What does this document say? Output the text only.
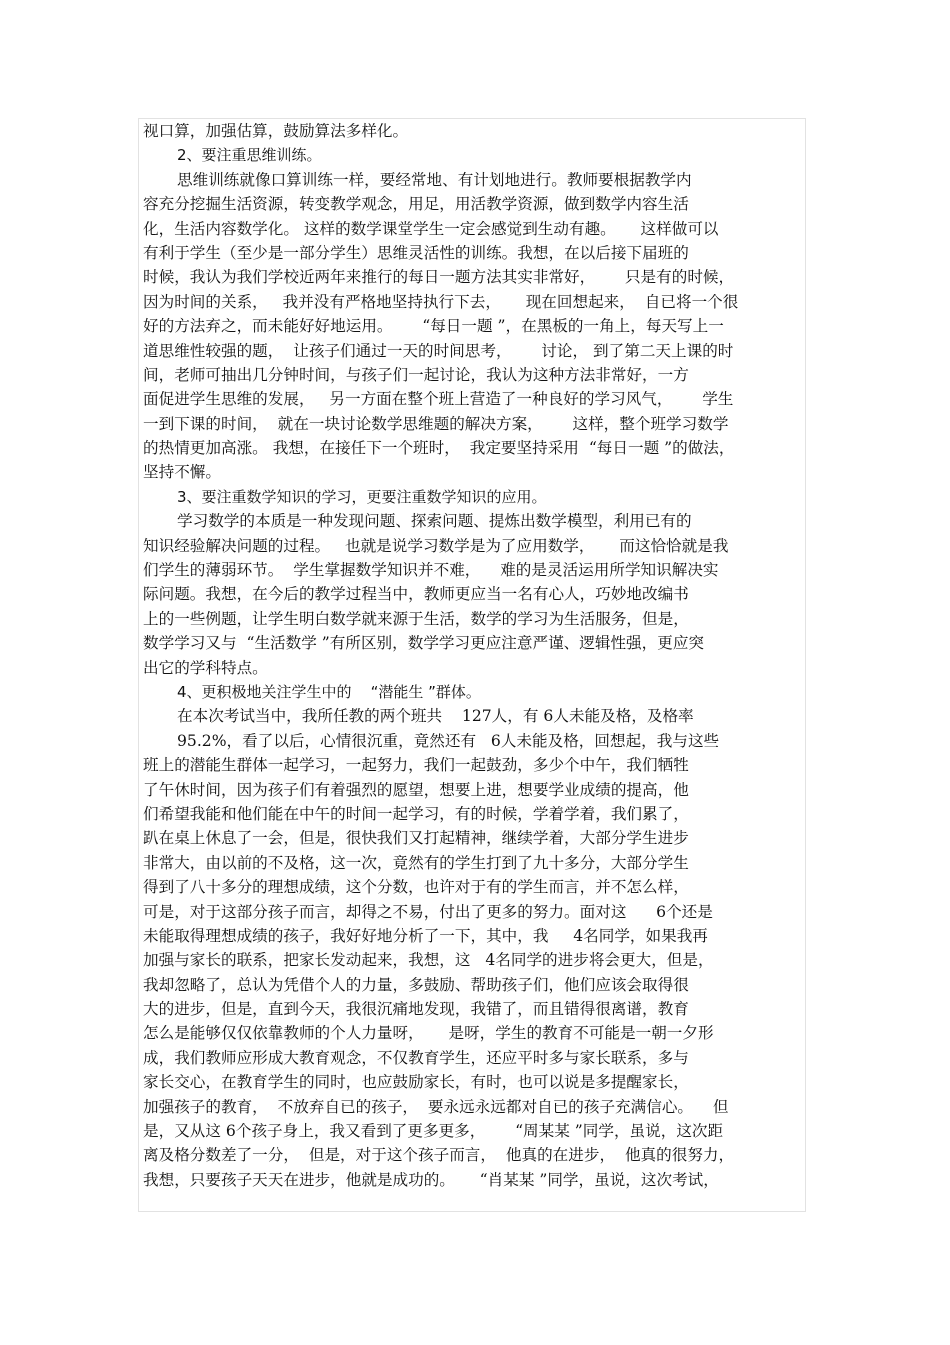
视口算，加强估算，鼓励算法多样化。
2、要注重思维训练。
思维训练就像口算训练一样，要经常地、有计划地进行。教师要根据教学内
容充分挖掘生活资源，转变教学观念，用足，用活教学资源，做到数学内容生活
化，生活内容数学化。 这样的数学课堂学生一定会感觉到生动有趣。     这样做可以
有利于学生（至少是一部分学生）思维灵活性的训练。我想，在以后接下届班的
时候，我认为我们学校近两年来推行的每日一题方法其实非常好，      只是有的时候，
因为时间的关系，   我并没有严格地坚持执行下去，     现在回想起来，  自已将一个很
好的方法弃之，而未能好好地运用。      “每日一题 ”，在黑板的一角上，每天写上一
道思维性较强的题，  让孩子们通过一天的时间思考，      讨论， 到了第二天上课的时
间，老师可抽出几分钟时间，与孩子们一起讨论，我认为这种方法非常好，一方
面促进学生思维的发展，   另一方面在整个班上营造了一种良好的学习风气，      学生
一到下课的时间，  就在一块讨论数学思维题的解决方案，      这样，整个班学习数学
的热情更加高涨。 我想，在接任下一个班时，  我定要坚持采用  “每日一题 ”的做法，
坚持不懈。
3、要注重数学知识的学习，更要注重数学知识的应用。
学习数学的本质是一种发现问题、探索问题、提炼出数学模型，利用已有的
知识经验解决问题的过程。   也就是说学习数学是为了应用数学，     而这恰恰就是我
们学生的薄弱环节。  学生掌握数学知识并不难，    难的是灵活运用所学知识解决实
际问题。我想，在今后的教学过程当中，教师更应当一名有心人，巧妙地改编书
上的一些例题，让学生明白数学就来源于生活，数学的学习为生活服务，但是，
数学学习又与  “生活数学 ”有所区别，数学学习更应注意严谨、逻辑性强，更应突
出它的学科特点。
4、更积极地关注学生中的    “潜能生 ”群体。
在本次考试当中，我所任教的两个班共    127人，有 6人未能及格，及格率
95.2%，看了以后，心情很沉重，竟然还有   6人未能及格，回想起，我与这些
班上的潜能生群体一起学习，一起努力，我们一起鼓劲，多少个中午，我们牺牲
了午休时间，因为孩子们有着强烈的愿望，想要上进，想要学业成绩的提高，他
们希望我能和他们能在中午的时间一起学习，有的时候，学着学着，我们累了，
趴在桌上休息了一会，但是，很快我们又打起精神，继续学着，大部分学生进步
非常大，由以前的不及格，这一次，竟然有的学生打到了九十多分，大部分学生
得到了八十多分的理想成绩，这个分数，也许对于有的学生而言，并不怎么样，
可是，对于这部分孩子而言，却得之不易，付出了更多的努力。面对这      6个还是
未能取得理想成绩的孩子，我好好地分析了一下，其中，我     4名同学，如果我再
加强与家长的联系，把家长发动起来，我想，这   4名同学的进步将会更大，但是，
我却忽略了，总认为凭借个人的力量，多鼓励、帮助孩子们，他们应该会取得很
大的进步，但是，直到今天，我很沉痛地发现，我错了，而且错得很离谱，教育
怎么是能够仅仅依靠教师的个人力量呀，     是呀，学生的教育不可能是一朝一夕形
成，我们教师应形成大教育观念，不仅教育学生，还应平时多与家长联系，多与
家长交心，在教育学生的同时，也应鼓励家长，有时，也可以说是多提醒家长，
加强孩子的教育，  不放弃自已的孩子，  要永远永远都对自已的孩子充满信心。    但
是，又从这 6个孩子身上，我又看到了更多更多，      “周某某 ”同学，虽说，这次距
离及格分数差了一分，  但是，对于这个孩子而言，  他真的在进步，  他真的很努力，
我想，只要孩子天天在进步，他就是成功的。     “肖某某 ”同学，虽说，这次考试，
